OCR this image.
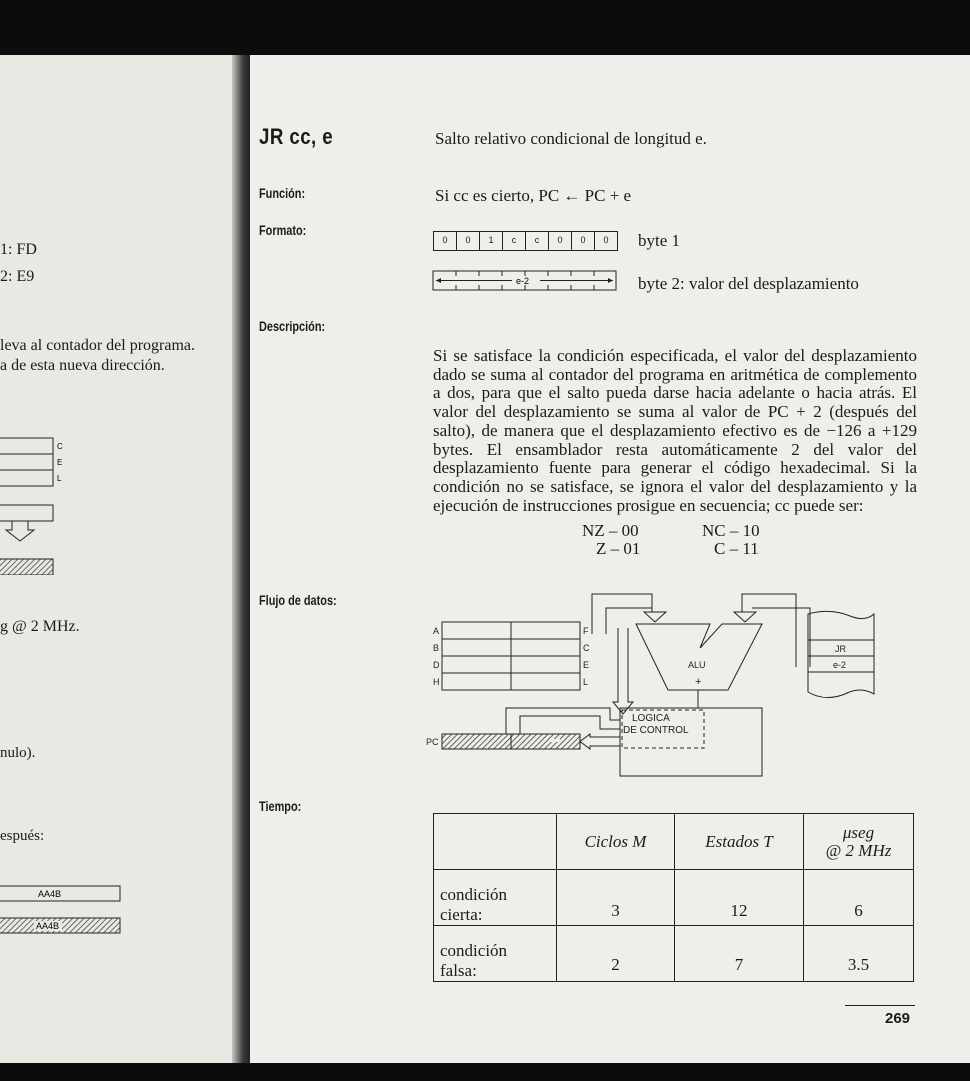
1: FD
2: E9
leva al contador del programa.
a de esta nueva dirección.
C
E
L
g @ 2 MHz.
nulo).
espués:
AA4B
AA4B
JR cc, e	Salto relativo condicional de longitud e.
Función:	Si cc es cierto, PC ← PC + e
Formato:
0	0	1	c	c	0	0	0	byte 1
e-2	byte 2: valor del desplazamiento
Descripción:
Si se satisface la condición especificada, el valor del desplazamiento dado se suma al contador del programa en aritmética de complemento a dos, para que el salto pueda darse hacia adelante o hacia atrás. El valor del desplazamiento se suma al valor de PC + 2 (después del salto), de manera que el desplazamiento efectivo es de −126 a +129 bytes. El ensamblador resta automáticamente 2 del valor del desplazamiento fuente para generar el código hexadecimal. Si la condición no se satisface, se ignora el valor del desplazamiento y la ejecución de instrucciones prosigue en secuencia; cc puede ser:
NZ – 00
Z – 01
NC – 10
C – 11
Flujo de datos:
A
B
D
H
F
C
E
L
ALU
+
LOGICA
DE CONTROL
PC
JR
e-2
Tiempo:
	Ciclos M	Estados T	μseg
@ 2 MHz
condición
cierta:	3	12	6
condición
falsa:	2	7	3.5
269
